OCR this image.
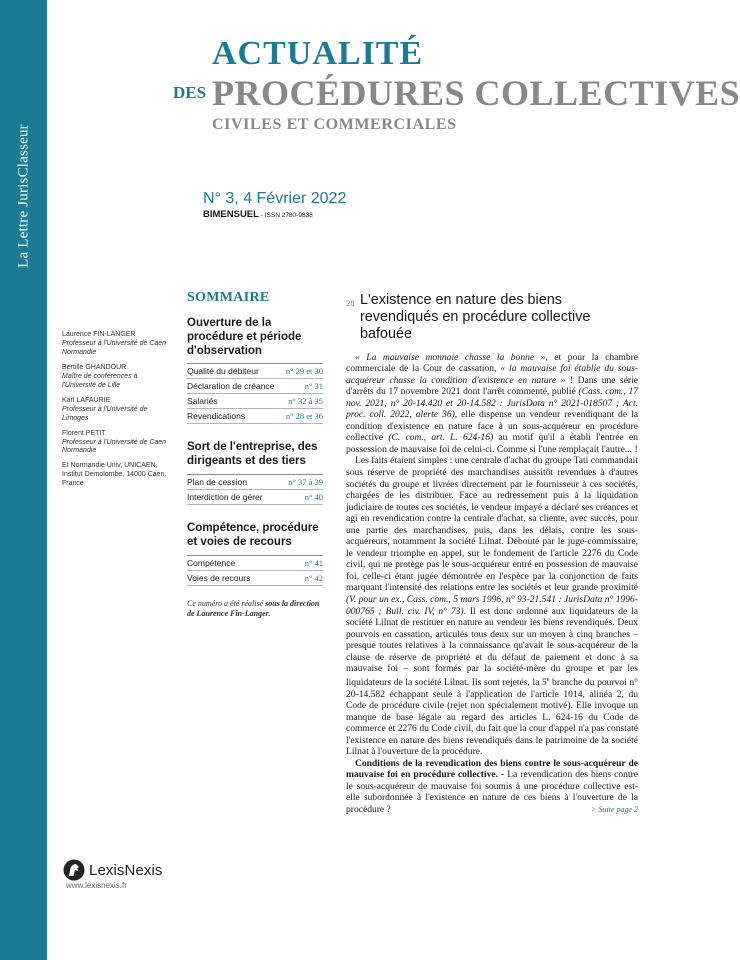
La Lettre JurisClasseur
ACTUALITÉ
DES PROCÉDURES COLLECTIVES
CIVILES ET COMMERCIALES
N° 3, 4 Février 2022
BIMENSUEL - ISSN 2780-9838
Laurence FIN-LANGER
Professeur à l'Université de Caen Normandie
Bertille GHANDOUR
Maître de conférences à l'Université de Lille
Karl LAFAURIE
Professeur à l'Université de Limoges
Florent PETIT
Professeur à l'Université de Caen Normandie
Et Normandie Univ, UNICAEN, Institut Demolombe, 14000 Caen, France
SOMMAIRE
Ouverture de la procédure et période d'observation
Qualité du débiteur	n° 29 et 30
Déclaration de créance	n° 31
Salariés	n° 32 à 35
Revendications	n° 28 et 36
Sort de l'entreprise, des dirigeants et des tiers
Plan de cession	n° 37 à 39
Interdiction de gérer	n° 40
Compétence, procédure et voies de recours
Compétence	n° 41
Voies de recours	n° 42
Ce numéro a été réalisé sous la direction de Laurence Fin-Langer.
28 L'existence en nature des biens revendiqués en procédure collective bafouée

« La mauvaise monnaie chasse la bonne », et pour la chambre commerciale de la Cour de cassation, « la mauvaise foi établie du sous-acquéreur chasse la condition d'existence en nature » ! Dans une série d'arrêts du 17 novembre 2021 dont l'arrêt commenté, publié (Cass. com., 17 nov. 2021, n° 20-14.420 et 20-14.582 : JurisData n° 2021-018507 ; Act. proc. coll. 2022, alerte 36), elle dispense un vendeur revendiquant de la condition d'existence en nature face à un sous-acquéreur en procédure collective (C. com., art. L. 624-16) au motif qu'il a établi l'entrée en possession de mauvaise foi de celui-ci. Comme si l'une remplaçait l'autre... !

Les faits étaient simples : une centrale d'achat du groupe Tati commandait sous réserve de propriété des marchandises aussitôt revendues à d'autres sociétés du groupe et livrées directement par le fournisseur à ces sociétés, chargées de les distribuer. Face au redressement puis à la liquidation judiciaire de toutes ces sociétés, le vendeur impayé a déclaré ses créances et agi en revendication contre la centrale d'achat, sa cliente, avec succès, pour une partie des marchandises, puis, dans les délais, contre les sous-acquéreurs, notamment la société Lilnat. Débouté par le juge-commissaire, le vendeur triomphe en appel, sur le fondement de l'article 2276 du Code civil, qui ne protège pas le sous-acquéreur entré en possession de mauvaise foi, celle-ci étant jugée démontrée en l'espèce par la conjonction de faits marquant l'intensité des relations entre les sociétés et leur grande proximité (V. pour un ex., Cass. com., 5 mars 1996, n° 93-21.541 : JurisData n° 1996-000765 ; Bull. civ. IV, n° 73). Il est donc ordonné aux liquidateurs de la société Lilnat de restituer en nature au vendeur les biens revendiqués. Deux pourvois en cassation, articulés tous deux sur un moyen à cinq branches – presque toutes relatives à la connaissance qu'avait le sous-acquéreur de la clause de réserve de propriété et du défaut de paiement et donc à sa mauvaise foi – sont formés par la société-mère du groupe et par les liquidateurs de la société Lilnat. Ils sont rejetés, la 5e branche du pourvoi n° 20-14.582 échappant seule à l'application de l'article 1014, alinéa 2, du Code de procédure civile (rejet non spécialement motivé). Elle invoque un manque de base légale au regard des articles L. 624-16 du Code de commerce et 2276 du Code civil, du fait que la cour d'appel n'a pas constaté l'existence en nature des biens revendiqués dans le patrimoine de la société Lilnat à l'ouverture de la procédure.

Conditions de la revendication des biens contre le sous-acquéreur de mauvaise foi en procédure collective. - La revendication des biens contre le sous-acquéreur de mauvaise foi soumis à une procédure collective est-elle subordonnée à l'existence en nature de ces biens à l'ouverture de la procédure ?	> Suite page 2

LexisNexis
www.lexisnexis.fr
